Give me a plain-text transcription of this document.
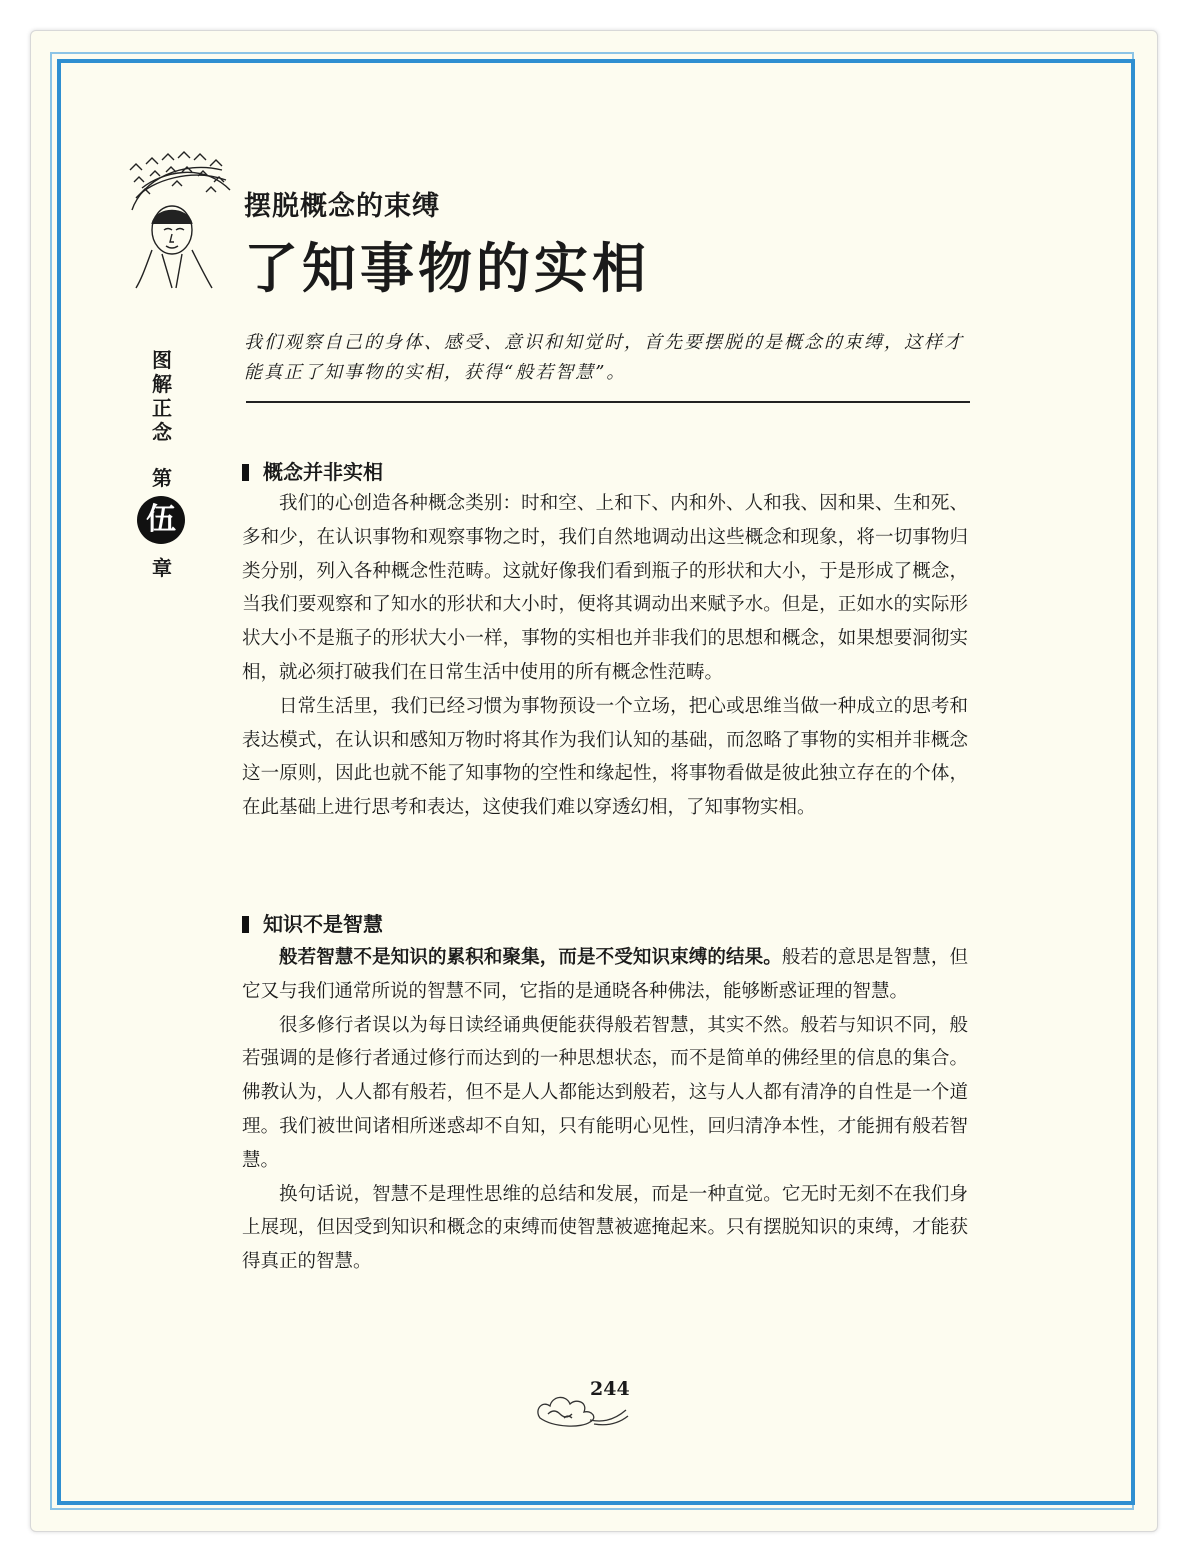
摆脱概念的束缚
了知事物的实相
图
解
正
念
第
伍
章

我们观察自己的身体、感受、意识和知觉时，首先要摆脱的是概念的束缚，这样才能真正了知事物的实相，获得“般若智慧”。

概念并非实相

我们的心创造各种概念类别：时和空、上和下、内和外、人和我、因和果、生和死、多和少，在认识事物和观察事物之时，我们自然地调动出这些概念和现象，将一切事物归类分别，列入各种概念性范畴。这就好像我们看到瓶子的形状和大小，于是形成了概念，当我们要观察和了知水的形状和大小时，便将其调动出来赋予水。但是，正如水的实际形状大小不是瓶子的形状大小一样，事物的实相也并非我们的思想和概念，如果想要洞彻实相，就必须打破我们在日常生活中使用的所有概念性范畴。

日常生活里，我们已经习惯为事物预设一个立场，把心或思维当做一种成立的思考和表达模式，在认识和感知万物时将其作为我们认知的基础，而忽略了事物的实相并非概念这一原则，因此也就不能了知事物的空性和缘起性，将事物看做是彼此独立存在的个体，在此基础上进行思考和表达，这使我们难以穿透幻相，了知事物实相。

知识不是智慧

般若智慧不是知识的累积和聚集，而是不受知识束缚的结果。般若的意思是智慧，但它又与我们通常所说的智慧不同，它指的是通晓各种佛法，能够断惑证理的智慧。

很多修行者误以为每日读经诵典便能获得般若智慧，其实不然。般若与知识不同，般若强调的是修行者通过修行而达到的一种思想状态，而不是简单的佛经里的信息的集合。佛教认为，人人都有般若，但不是人人都能达到般若，这与人人都有清净的自性是一个道理。我们被世间诸相所迷惑却不自知，只有能明心见性，回归清净本性，才能拥有般若智慧。

换句话说，智慧不是理性思维的总结和发展，而是一种直觉。它无时无刻不在我们身上展现，但因受到知识和概念的束缚而使智慧被遮掩起来。只有摆脱知识的束缚，才能获得真正的智慧。

244
